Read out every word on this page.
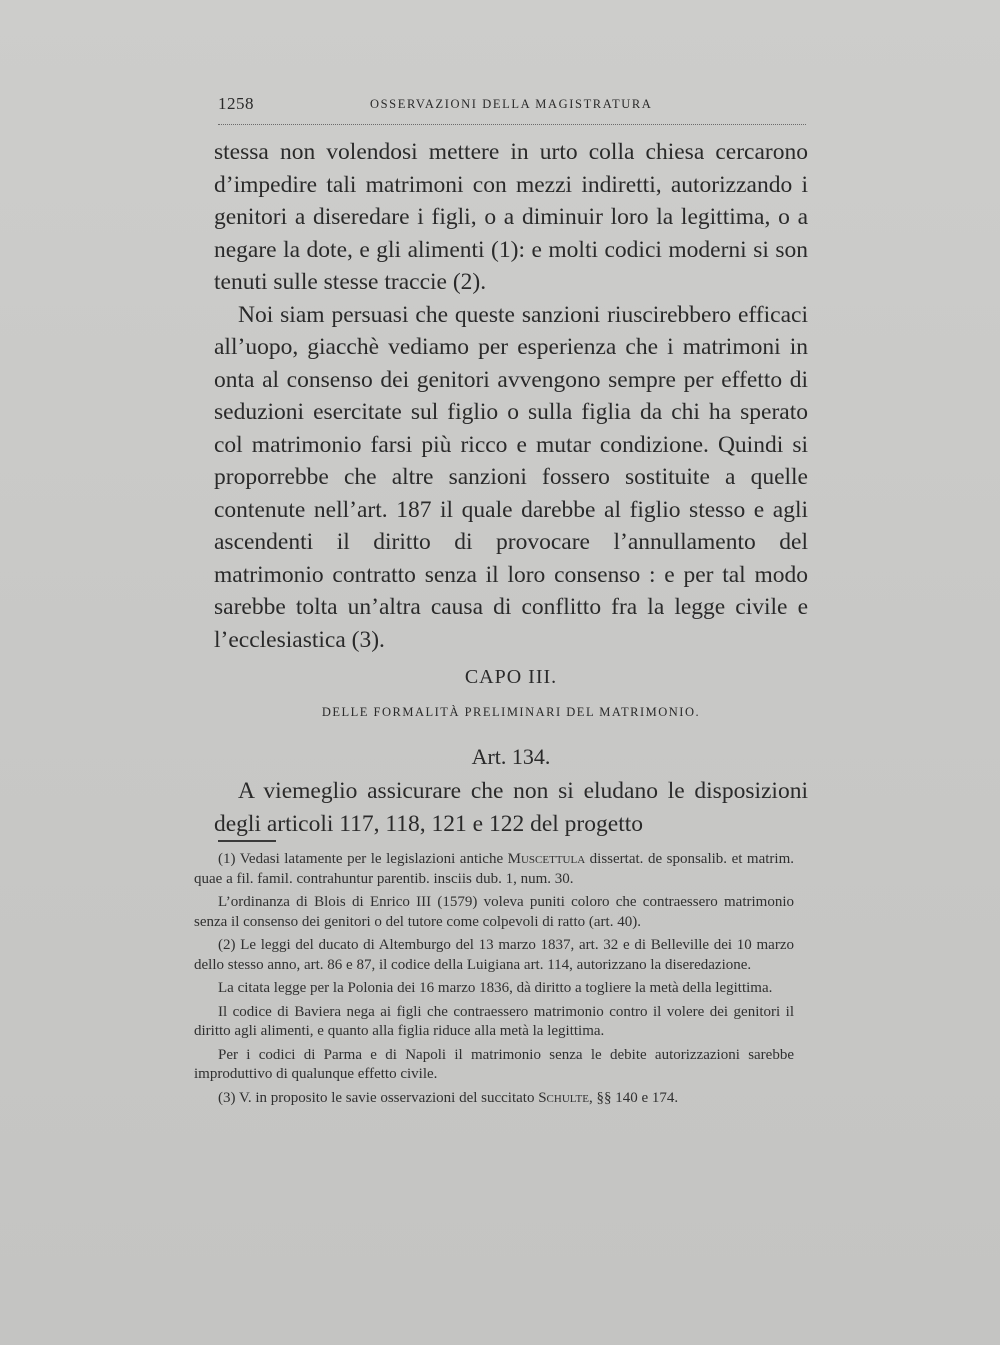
1258	OSSERVAZIONI DELLA MAGISTRATURA

stessa non volendosi mettere in urto colla chiesa cercarono d’impedire tali matrimoni con mezzi indiretti, autorizzando i genitori a diseredare i figli, o a diminuir loro la legittima, o a negare la dote, e gli alimenti (1): e molti codici moderni si son tenuti sulle stesse traccie (2).

Noi siam persuasi che queste sanzioni riuscirebbero efficaci all’uopo, giacchè vediamo per esperienza che i matrimoni in onta al consenso dei genitori avvengono sempre per effetto di seduzioni esercitate sul figlio o sulla figlia da chi ha sperato col matrimonio farsi più ricco e mutar condizione. Quindi si proporrebbe che altre sanzioni fossero sostituite a quelle contenute nell’art. 187 il quale darebbe al figlio stesso e agli ascendenti il diritto di provocare l’annullamento del matrimonio contratto senza il loro consenso : e per tal modo sarebbe tolta un’altra causa di conflitto fra la legge civile e l’ecclesiastica (3).

CAPO III.
DELLE FORMALITÀ PRELIMINARI DEL MATRIMONIO.
Art. 134.

A viemeglio assicurare che non si eludano le disposizioni degli articoli 117, 118, 121 e 122 del progetto

(1) Vedasi latamente per le legislazioni antiche Muscettula dissertat. de sponsalib. et matrim. quae a fil. famil. contrahuntur parentib. insciis dub. 1, num. 30.

L’ordinanza di Blois di Enrico III (1579) voleva puniti coloro che contraessero matrimonio senza il consenso dei genitori o del tutore come colpevoli di ratto (art. 40).

(2) Le leggi del ducato di Altemburgo del 13 marzo 1837, art. 32 e di Belleville dei 10 marzo dello stesso anno, art. 86 e 87, il codice della Luigiana art. 114, autorizzano la diseredazione.

La citata legge per la Polonia dei 16 marzo 1836, dà diritto a togliere la metà della legittima.

Il codice di Baviera nega ai figli che contraessero matrimonio contro il volere dei genitori il diritto agli alimenti, e quanto alla figlia riduce alla metà la legittima.

Per i codici di Parma e di Napoli il matrimonio senza le debite autorizzazioni sarebbe improduttivo di qualunque effetto civile.

(3) V. in proposito le savie osservazioni del succitato Schulte, §§ 140 e 174.
